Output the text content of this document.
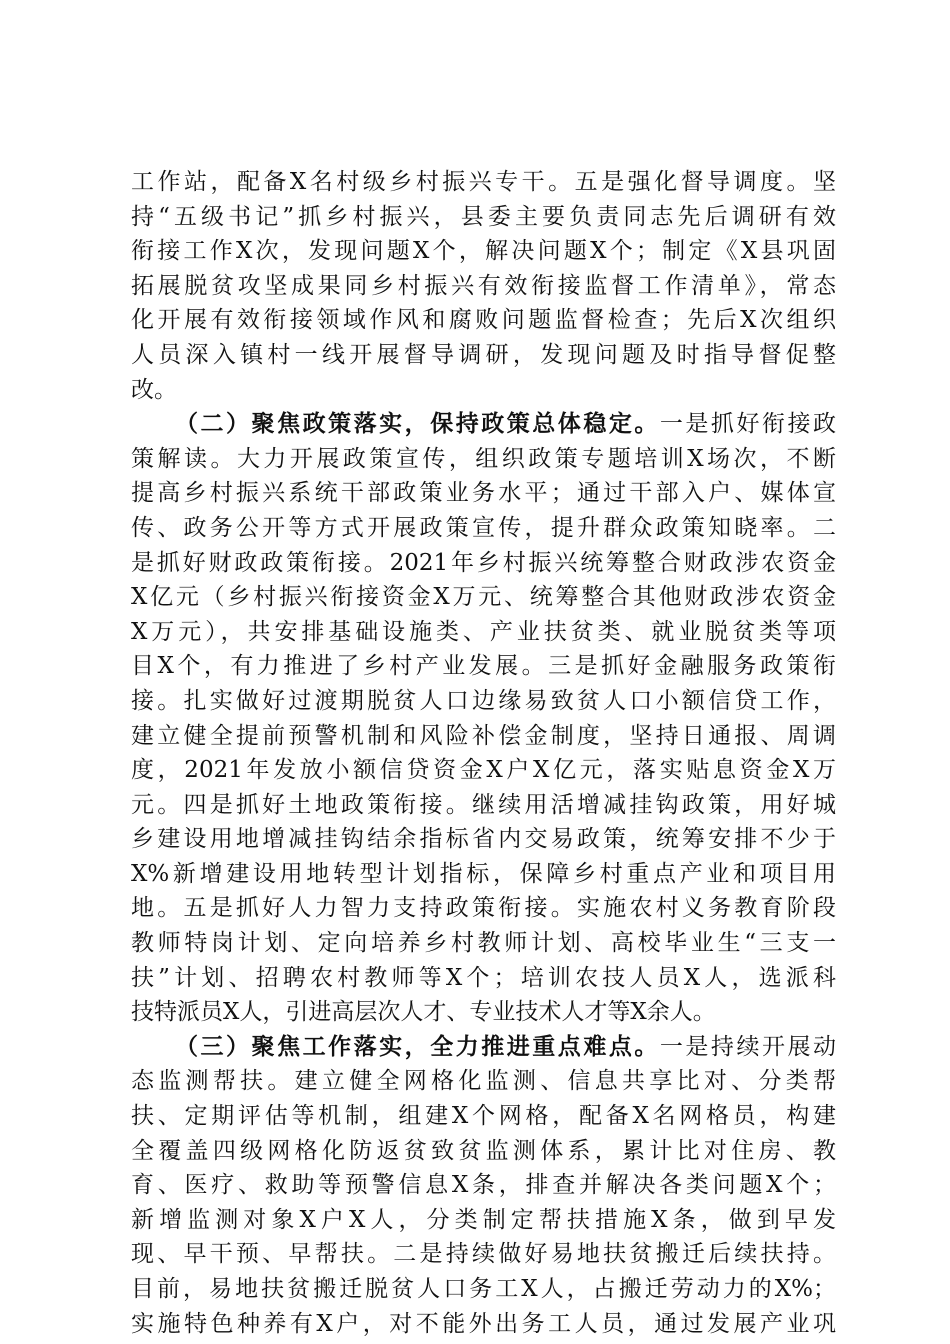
工作站，配备X名村级乡村振兴专干。五是强化督导调度。坚
持“五级书记”抓乡村振兴，县委主要负责同志先后调研有效
衔接工作X次，发现问题X个，解决问题X个；制定《X县巩固
拓展脱贫攻坚成果同乡村振兴有效衔接监督工作清单》，常态
化开展有效衔接领域作风和腐败问题监督检查；先后X次组织
人员深入镇村一线开展督导调研，发现问题及时指导督促整
改。
（二）聚焦政策落实，保持政策总体稳定。一是抓好衔接政
策解读。大力开展政策宣传，组织政策专题培训X场次，不断
提高乡村振兴系统干部政策业务水平；通过干部入户、媒体宣
传、政务公开等方式开展政策宣传，提升群众政策知晓率。二
是抓好财政政策衔接。2021年乡村振兴统筹整合财政涉农资金
X亿元（乡村振兴衔接资金X万元、统筹整合其他财政涉农资金
X万元），共安排基础设施类、产业扶贫类、就业脱贫类等项
目X个，有力推进了乡村产业发展。三是抓好金融服务政策衔
接。扎实做好过渡期脱贫人口边缘易致贫人口小额信贷工作，
建立健全提前预警机制和风险补偿金制度，坚持日通报、周调
度，2021年发放小额信贷资金X户X亿元，落实贴息资金X万
元。四是抓好土地政策衔接。继续用活增减挂钩政策，用好城
乡建设用地增减挂钩结余指标省内交易政策，统筹安排不少于
X%新增建设用地转型计划指标，保障乡村重点产业和项目用
地。五是抓好人力智力支持政策衔接。实施农村义务教育阶段
教师特岗计划、定向培养乡村教师计划、高校毕业生“三支一
扶”计划、招聘农村教师等X个；培训农技人员X人，选派科
技特派员X人，引进高层次人才、专业技术人才等X余人。
（三）聚焦工作落实，全力推进重点难点。一是持续开展动
态监测帮扶。建立健全网格化监测、信息共享比对、分类帮
扶、定期评估等机制，组建X个网格，配备X名网格员，构建
全覆盖四级网格化防返贫致贫监测体系，累计比对住房、教
育、医疗、救助等预警信息X条，排查并解决各类问题X个；
新增监测对象X户X人，分类制定帮扶措施X条，做到早发
现、早干预、早帮扶。二是持续做好易地扶贫搬迁后续扶持。
目前，易地扶贫搬迁脱贫人口务工X人，占搬迁劳动力的X%；
实施特色种养有X户，对不能外出务工人员，通过发展产业巩
